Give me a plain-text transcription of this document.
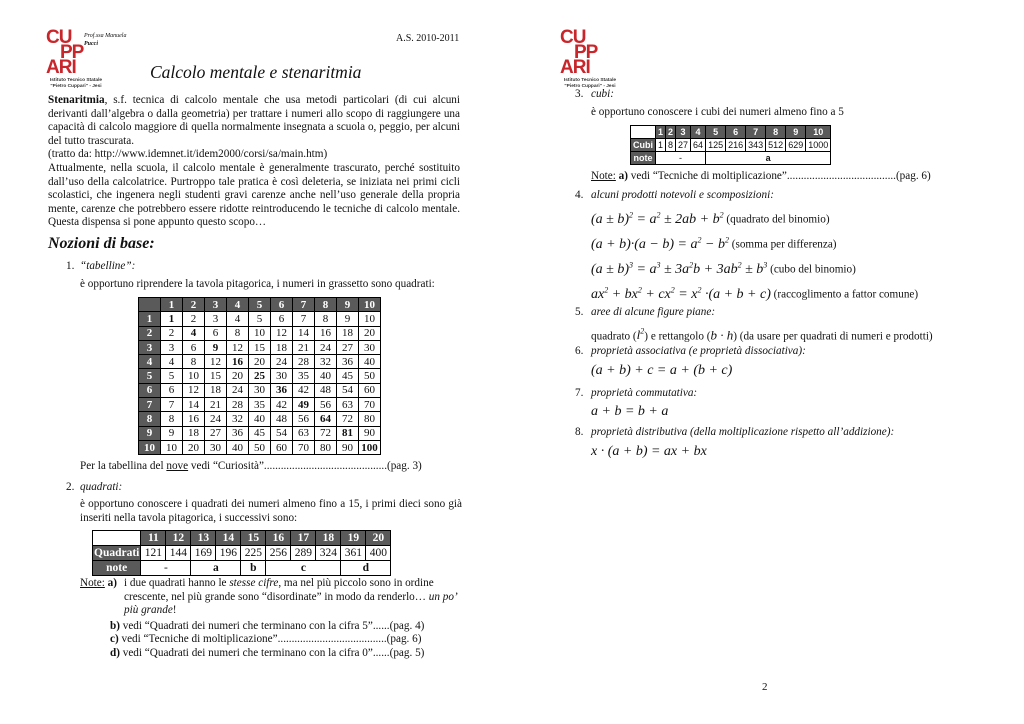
CU
PP
ARI
Istituto Tecnico Statale
"Pietro Cuppari" - Jesi
Prof.ssa Manuela
Pucci	A.S. 2010-2011
Calcolo mentale e stenaritmia
Stenaritmia, s.f. tecnica di calcolo mentale che usa metodi particolari (di cui alcuni derivanti dall’algebra o dalla geometria) per trattare i numeri allo scopo di raggiungere una capacità di calcolo maggiore di quella normalmente insegnata a scuola o, peggio, per alcuni del tutto trascurata.
(tratto da: http://www.idemnet.it/idem2000/corsi/sa/main.htm)
Attualmente, nella scuola, il calcolo mentale è generalmente trascurato, perché sostituito dall’uso della calcolatrice. Purtroppo tale pratica è così deleteria, se iniziata nei primi cicli scolastici, che ingenera negli studenti gravi carenze anche nell’uso generale della propria mente, carenze che potrebbero essere ridotte reintroducendo le tecniche di calcolo mentale. Questa dispensa si pone appunto questo scopo…
Nozioni di base:
1. “tabelline”:
è opportuno riprendere la tavola pitagorica, i numeri in grassetto sono quadrati:
	1	2	3	4	5	6	7	8	9	10
1	1	2	3	4	5	6	7	8	9	10
2	2	4	6	8	10	12	14	16	18	20
3	3	6	9	12	15	18	21	24	27	30
4	4	8	12	16	20	24	28	32	36	40
5	5	10	15	20	25	30	35	40	45	50
6	6	12	18	24	30	36	42	48	54	60
7	7	14	21	28	35	42	49	56	63	70
8	8	16	24	32	40	48	56	64	72	80
9	9	18	27	36	45	54	63	72	81	90
10	10	20	30	40	50	60	70	80	90	100
Per la tabellina del nove vedi “Curiosità”............................................(pag. 3)
2. quadrati:
è opportuno conoscere i quadrati dei numeri almeno fino a 15, i primi dieci sono già inseriti nella tavola pitagorica, i successivi sono:
	11	12	13	14	15	16	17	18	19	20
Quadrati	121	144	169	196	225	256	289	324	361	400
note	-		a		b	c			d	
Note: a) i due quadrati hanno le stesse cifre, ma nel più piccolo sono in ordine crescente, nel più grande sono “disordinate” in modo da renderlo… un po’ più grande!
b) vedi “Quadrati dei numeri che terminano con la cifra 5”......(pag. 4)
c) vedi “Tecniche di moltiplicazione”.......................................(pag. 6)
d) vedi “Quadrati dei numeri che terminano con la cifra 0”......(pag. 5)
CU
PP
ARI
Istituto Tecnico Statale
"Pietro Cuppari" - Jesi
3. cubi:
è opportuno conoscere i cubi dei numeri almeno fino a 5
	1	2	3	4	5	6	7	8	9	10
Cubi	1	8	27	64	125	216	343	512	629	1000
note	-				a					
Note: a) vedi “Tecniche di moltiplicazione”.......................................(pag. 6)
4. alcuni prodotti notevoli e scomposizioni:
$(a \pm b)^2 = a^2 \pm 2ab + b^2$ (quadrato del binomio)
$(a + b)\cdot(a - b) = a^2 - b^2$ (somma per differenza)
$(a \pm b)^3 = a^3 \pm 3a^2b + 3ab^2 \pm b^3$ (cubo del binomio)
$ax^2 + bx^2 + cx^2 = x^2 \cdot(a + b + c)$ (raccoglimento a fattor comune)
5. aree di alcune figure piane:
quadrato $(l^2)$ e rettangolo (b · h) (da usare per quadrati di numeri e prodotti)
6. proprietà associativa (e proprietà dissociativa):
(a + b) + c = a + (b + c)
7. proprietà commutativa:
a + b = b + a
8. proprietà distributiva (della moltiplicazione rispetto all’addizione):
x · (a + b) = ax + bx
2
